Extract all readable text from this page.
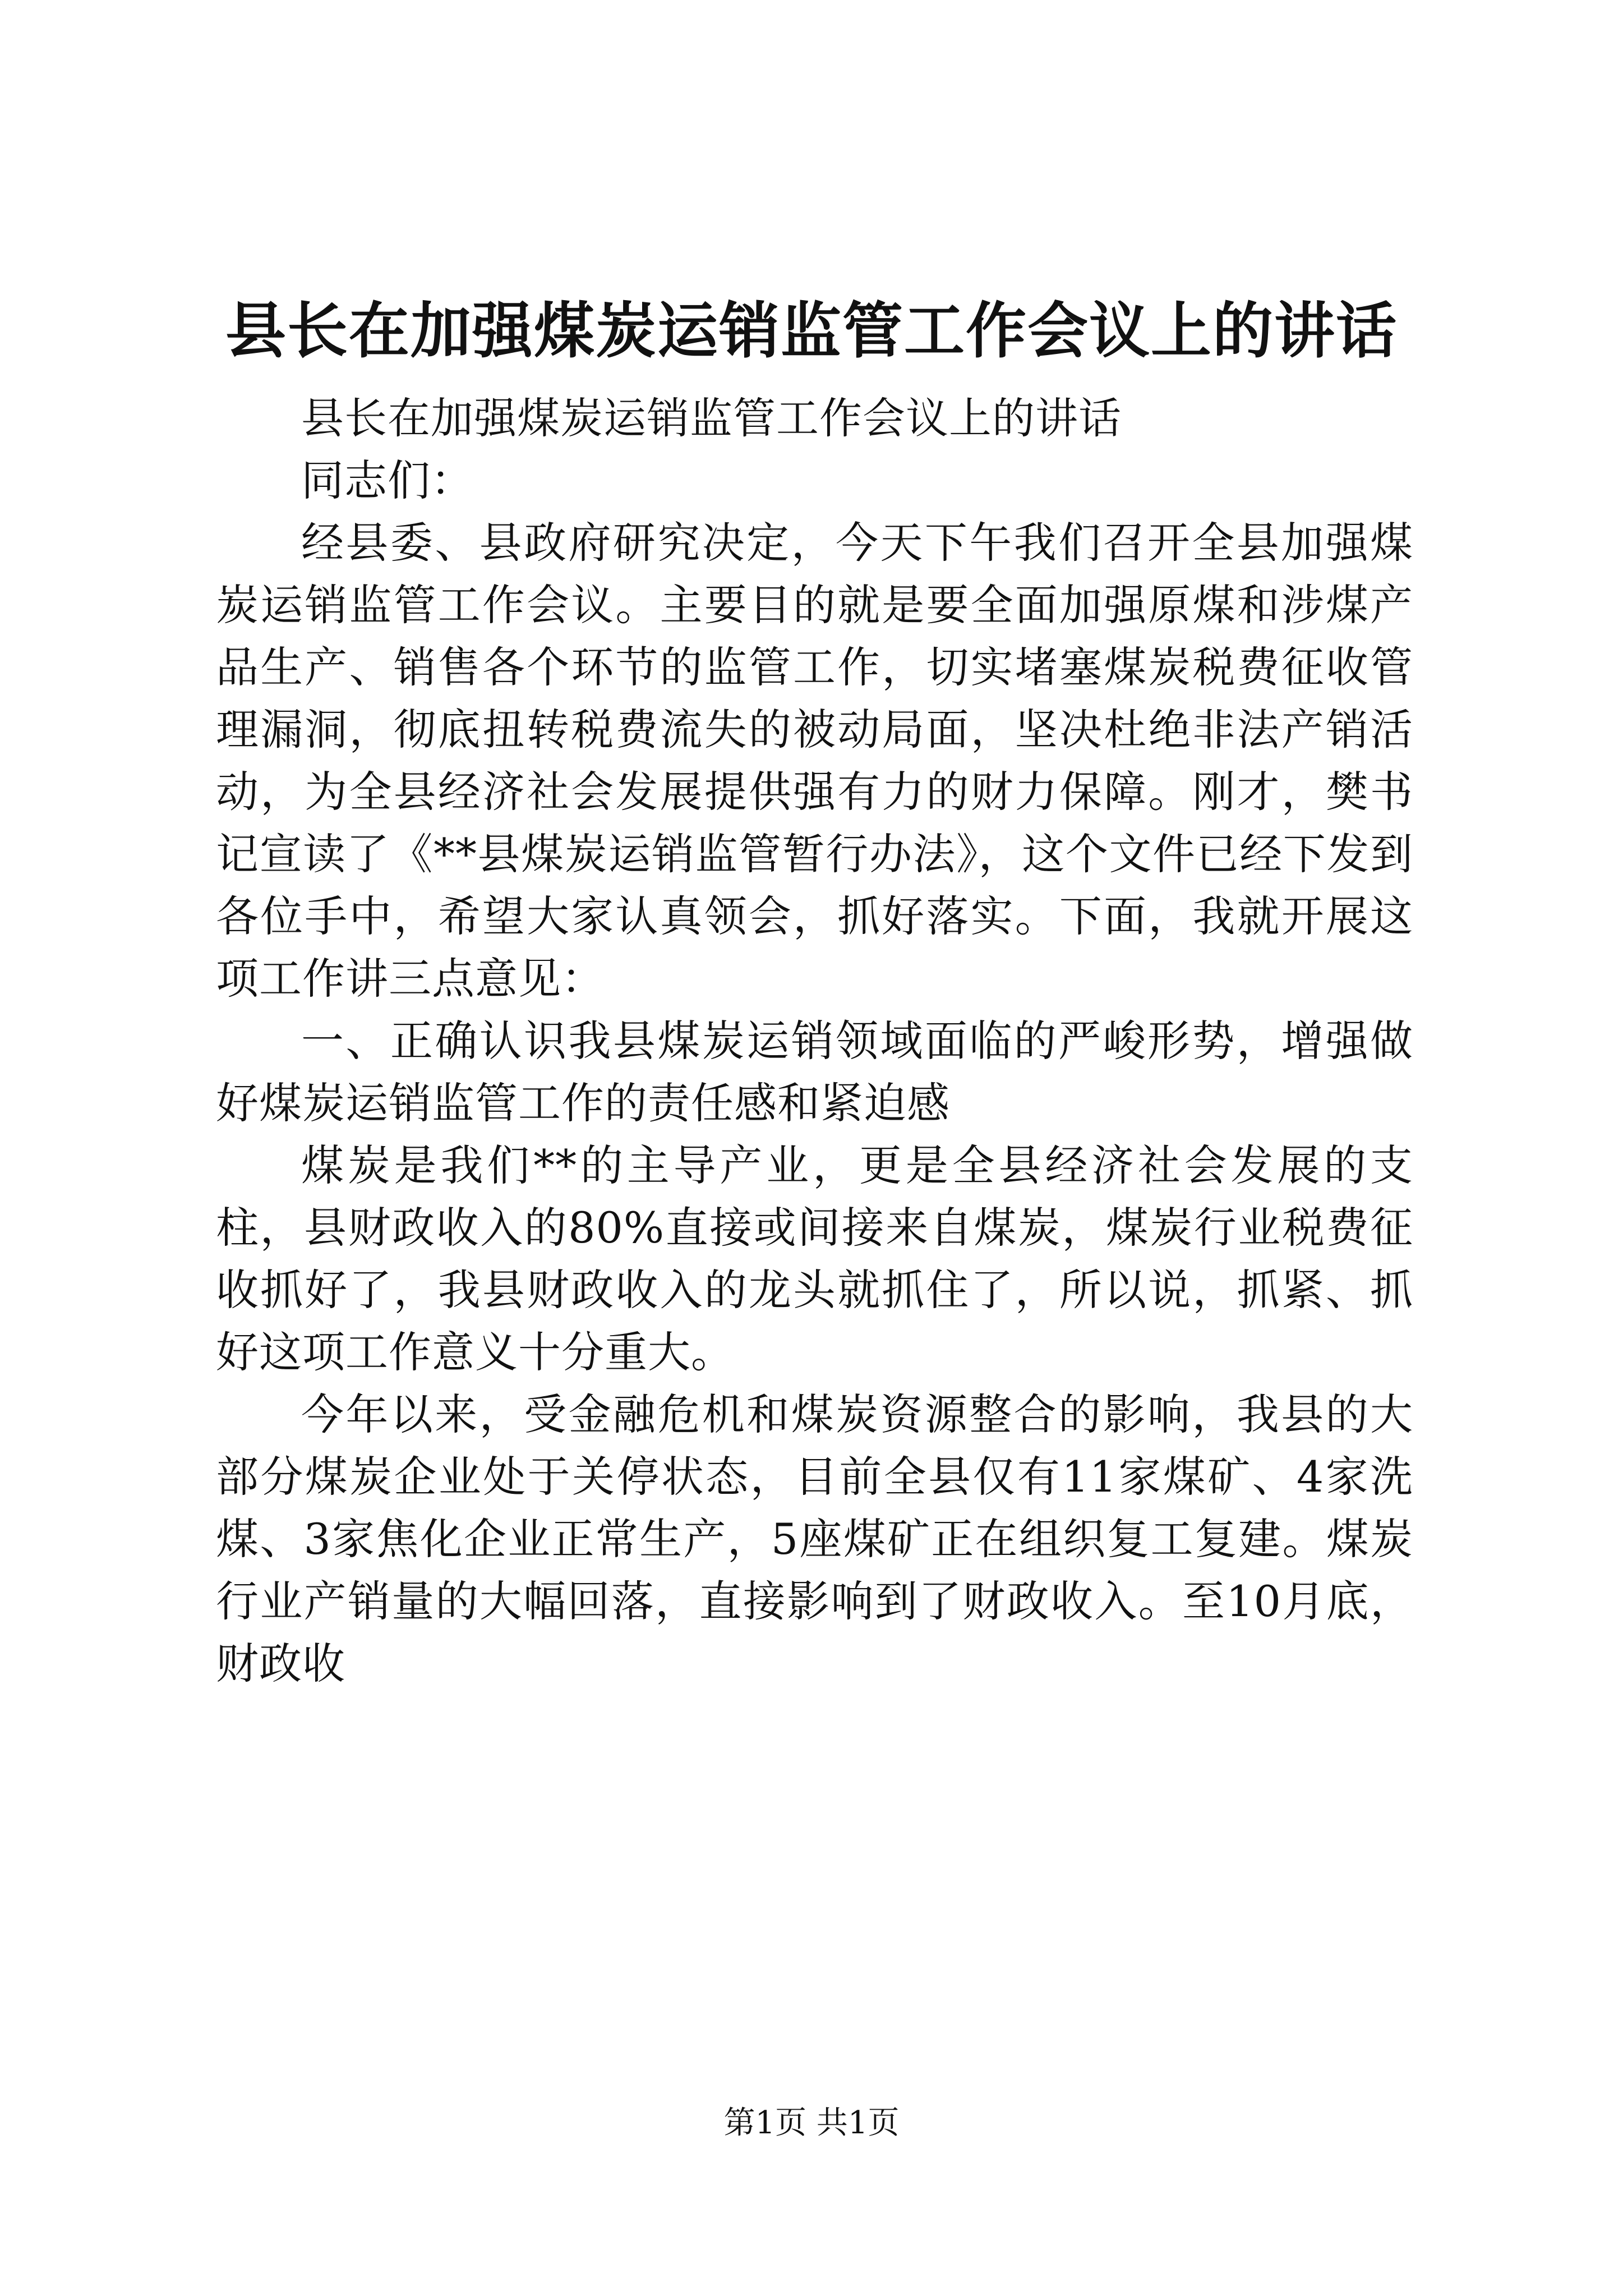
县长在加强煤炭运销监管工作会议上的讲话

县长在加强煤炭运销监管工作会议上的讲话

同志们：

经县委、县政府研究决定，今天下午我们召开全县加强煤炭运销监管工作会议。主要目的就是要全面加强原煤和涉煤产品生产、销售各个环节的监管工作，切实堵塞煤炭税费征收管理漏洞，彻底扭转税费流失的被动局面，坚决杜绝非法产销活动，为全县经济社会发展提供强有力的财力保障。刚才，樊书记宣读了《**县煤炭运销监管暂行办法》，这个文件已经下发到各位手中，希望大家认真领会，抓好落实。下面，我就开展这项工作讲三点意见：

一、正确认识我县煤炭运销领域面临的严峻形势，增强做好煤炭运销监管工作的责任感和紧迫感

煤炭是我们**的主导产业，更是全县经济社会发展的支柱，县财政收入的80%直接或间接来自煤炭，煤炭行业税费征收抓好了，我县财政收入的龙头就抓住了，所以说，抓紧、抓好这项工作意义十分重大。

今年以来，受金融危机和煤炭资源整合的影响，我县的大部分煤炭企业处于关停状态，目前全县仅有11家煤矿、4家洗煤、3家焦化企业正常生产，5座煤矿正在组织复工复建。煤炭行业产销量的大幅回落，直接影响到了财政收入。至10月底，财政收

第1页 共1页
